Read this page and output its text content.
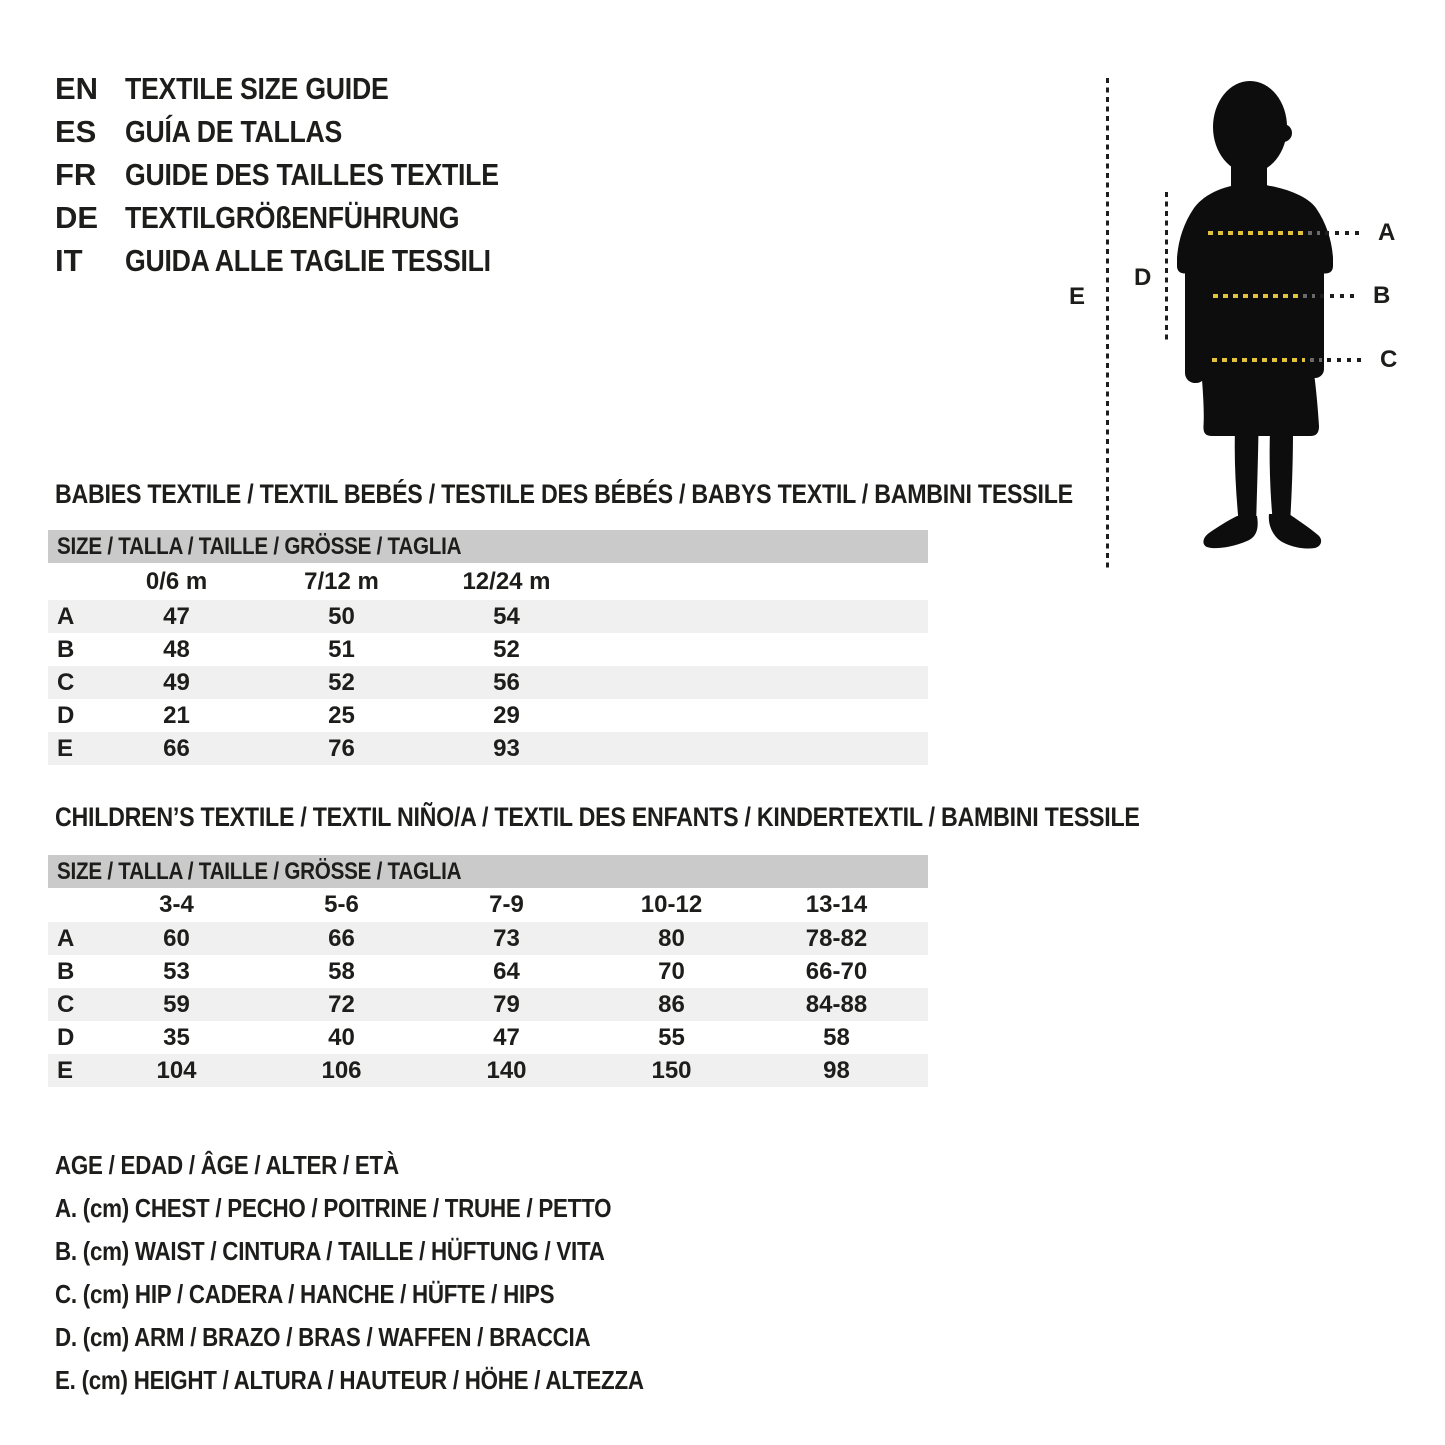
EN TEXTILE SIZE GUIDE
ES GUÍA DE TALLAS
FR GUIDE DES TAILLES TEXTILE
DE TEXTILGRÖßENFÜHRUNG
IT	GUIDA ALLE TAGLIE TESSILI
E
D
A
B
C
BABIES TEXTILE / TEXTIL BEBÉS / TESTILE DES BÉBÉS / BABYS TEXTIL / BAMBINI TESSILE
SIZE / TALLA / TAILLE / GRÖSSE / TAGLIA
0/6 m	7/12 m	12/24 m
A	47	50	54
B	48	51	52
C	49	52	56
D	21	25	29
E	66	76	93
CHILDREN’S TEXTILE / TEXTIL NIÑO/A / TEXTIL DES ENFANTS / KINDERTEXTIL / BAMBINI TESSILE
SIZE / TALLA / TAILLE / GRÖSSE / TAGLIA
3-4	5-6	7-9	10-12	13-14
A	60	66	73	80	78-82
B	53	58	64	70	66-70
C	59	72	79	86	84-88
D	35	40	47	55	58
E	104	106	140	150	98
AGE / EDAD / ÂGE / ALTER / ETÀ
A. (cm) CHEST / PECHO / POITRINE / TRUHE / PETTO
B. (cm) WAIST / CINTURA / TAILLE / HÜFTUNG / VITA
C. (cm) HIP / CADERA / HANCHE / HÜFTE / HIPS
D. (cm) ARM / BRAZO / BRAS / WAFFEN / BRACCIA
E. (cm) HEIGHT / ALTURA / HAUTEUR / HÖHE / ALTEZZA
